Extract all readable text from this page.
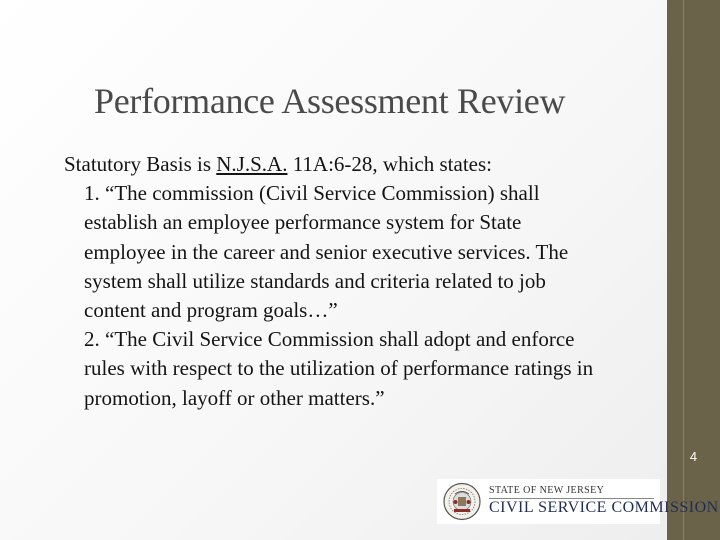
4
Performance Assessment Review
Statutory Basis is N.J.S.A. 11A:6-28, which states:
1. “The commission (Civil Service Commission) shall establish an employee performance system for State employee in the career and senior executive services. The system shall utilize standards and criteria related to job content and program goals…”
2. “The Civil Service Commission shall adopt and enforce rules with respect to the utilization of performance ratings in promotion, layoff or other matters.”
STATE OF NEW JERSEY
CIVIL SERVICE COMMISSION
